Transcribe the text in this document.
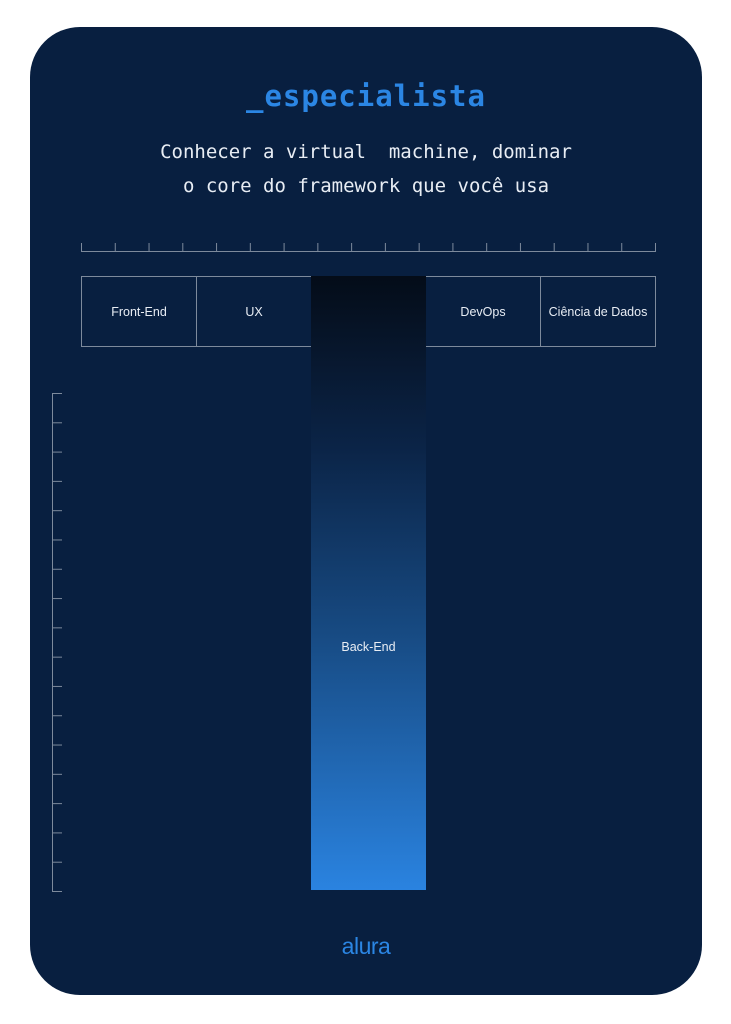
_especialista
Conhecer a virtual  machine, dominar
o core do framework que você usa
Front-End	UX	DevOps	Ciência de Dados
Back-End
alura
